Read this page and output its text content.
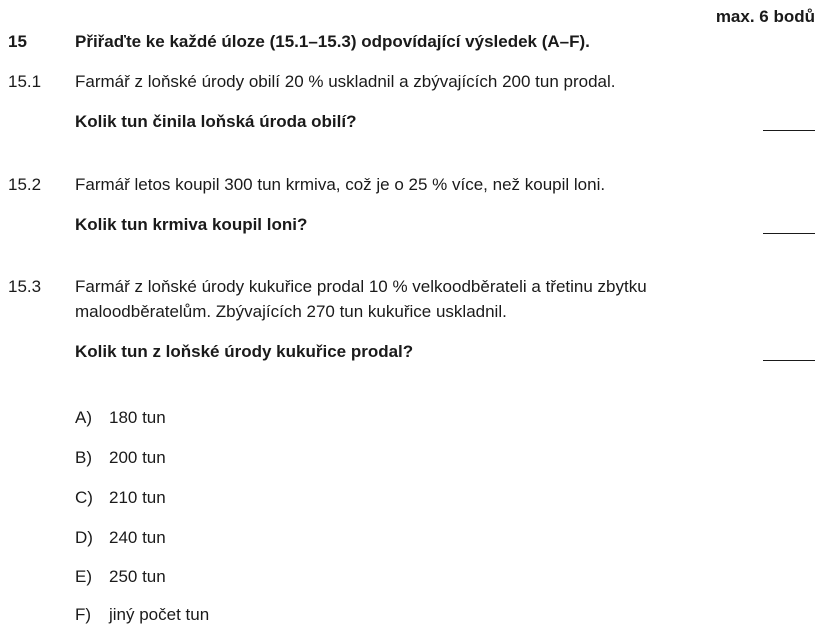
max. 6 bodů
15	Přiřaďte ke každé úloze (15.1–15.3) odpovídající výsledek (A–F).
15.1 Farmář z loňské úrody obilí 20 % uskladnil a zbývajících 200 tun prodal.
Kolik tun činila loňská úroda obilí?
15.2 Farmář letos koupil 300 tun krmiva, což je o 25 % více, než koupil loni.
Kolik tun krmiva koupil loni?
15.3 Farmář z loňské úrody kukuřice prodal 10 % velkoodběrateli a třetinu zbytku
maloodběratelům. Zbývajících 270 tun kukuřice uskladnil.
Kolik tun z loňské úrody kukuřice prodal?
A) 180 tun
B) 200 tun
C) 210 tun
D) 240 tun
E) 250 tun
F) jiný počet tun
